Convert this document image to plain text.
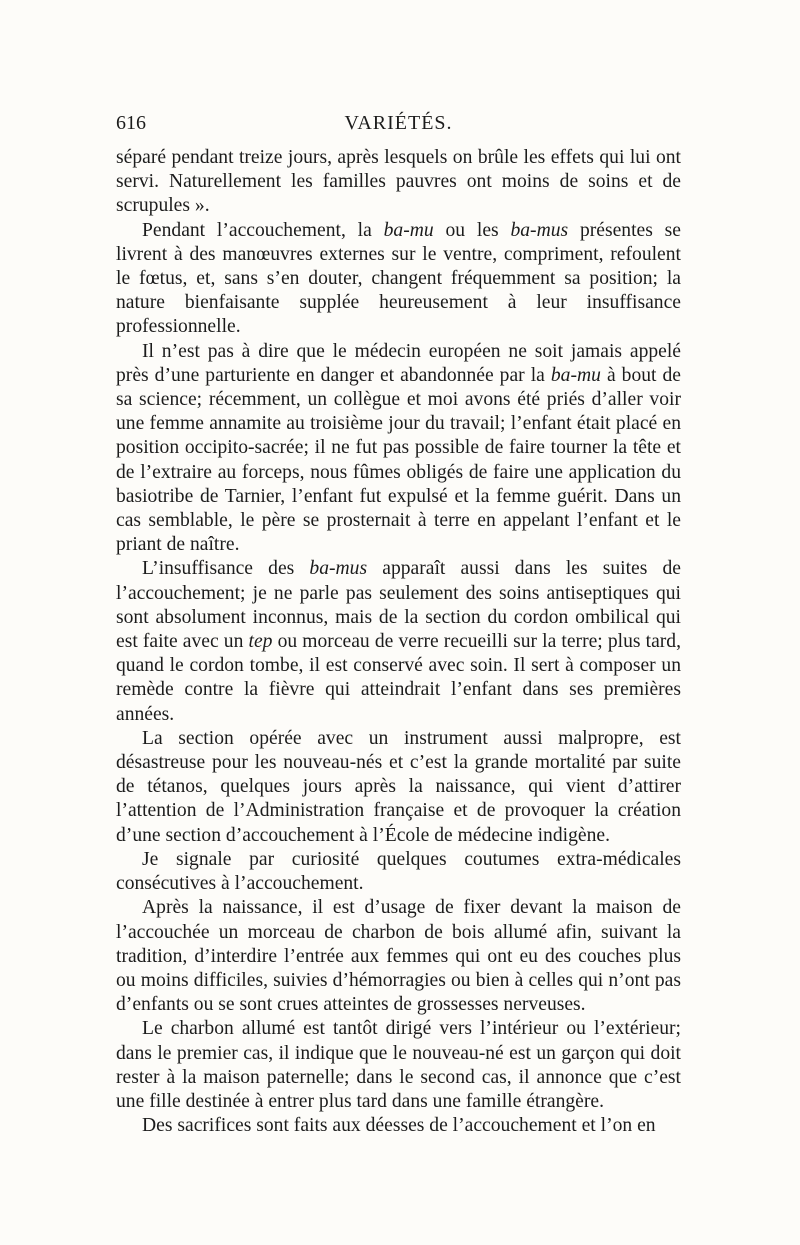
616	VARIÉTÉS.

séparé pendant treize jours, après lesquels on brûle les effets qui lui ont servi. Naturellement les familles pauvres ont moins de soins et de scrupules ».

Pendant l’accouchement, la ba-mu ou les ba-mus présentes se livrent à des manœuvres externes sur le ventre, compriment, refoulent le fœtus, et, sans s’en douter, changent fréquemment sa position; la nature bienfaisante supplée heureusement à leur insuffisance professionnelle.

Il n’est pas à dire que le médecin européen ne soit jamais appelé près d’une parturiente en danger et abandonnée par la ba-mu à bout de sa science; récemment, un collègue et moi avons été priés d’aller voir une femme annamite au troisième jour du travail; l’enfant était placé en position occipito-sacrée; il ne fut pas possible de faire tourner la tête et de l’extraire au forceps, nous fûmes obligés de faire une application du basiotribe de Tarnier, l’enfant fut expulsé et la femme guérit. Dans un cas semblable, le père se prosternait à terre en appelant l’enfant et le priant de naître.

L’insuffisance des ba-mus apparaît aussi dans les suites de l’accouchement; je ne parle pas seulement des soins antiseptiques qui sont absolument inconnus, mais de la section du cordon ombilical qui est faite avec un tep ou morceau de verre recueilli sur la terre; plus tard, quand le cordon tombe, il est conservé avec soin. Il sert à composer un remède contre la fièvre qui atteindrait l’enfant dans ses premières années.

La section opérée avec un instrument aussi malpropre, est désastreuse pour les nouveau-nés et c’est la grande mortalité par suite de tétanos, quelques jours après la naissance, qui vient d’attirer l’attention de l’Administration française et de provoquer la création d’une section d’accouchement à l’École de médecine indigène.

Je signale par curiosité quelques coutumes extra-médicales consécutives à l’accouchement.

Après la naissance, il est d’usage de fixer devant la maison de l’accouchée un morceau de charbon de bois allumé afin, suivant la tradition, d’interdire l’entrée aux femmes qui ont eu des couches plus ou moins difficiles, suivies d’hémorragies ou bien à celles qui n’ont pas d’enfants ou se sont crues atteintes de grossesses nerveuses.

Le charbon allumé est tantôt dirigé vers l’intérieur ou l’extérieur; dans le premier cas, il indique que le nouveau-né est un garçon qui doit rester à la maison paternelle; dans le second cas, il annonce que c’est une fille destinée à entrer plus tard dans une famille étrangère.

Des sacrifices sont faits aux déesses de l’accouchement et l’on en
